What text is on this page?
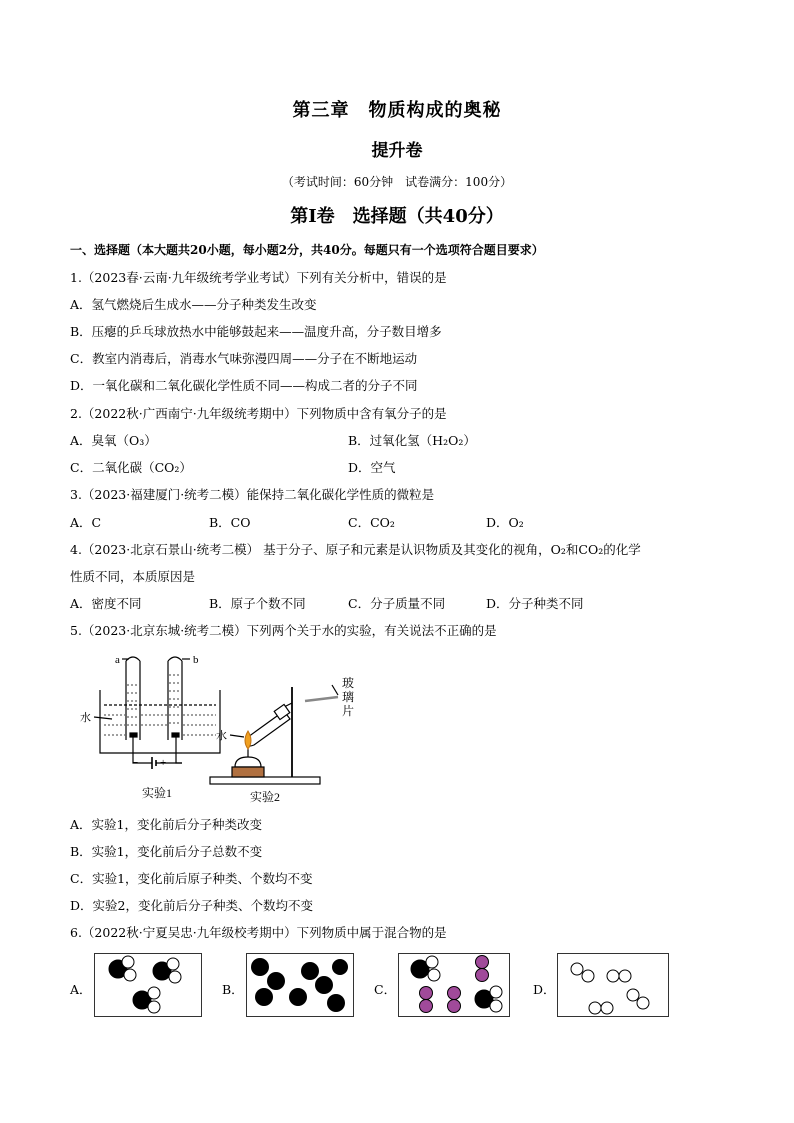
第三章　物质构成的奥秘
提升卷
（考试时间：60分钟　试卷满分：100分）
第Ⅰ卷　选择题（共40分）
一、选择题（本大题共20小题，每小题2分，共40分。每题只有一个选项符合题目要求）
1.（2023春·云南·九年级统考学业考试）下列有关分析中，错误的是
A．氢气燃烧后生成水——分子种类发生改变
B．压瘪的乒乓球放热水中能够鼓起来——温度升高，分子数目增多
C．教室内消毒后，消毒水气味弥漫四周——分子在不断地运动
D．一氧化碳和二氧化碳化学性质不同——构成二者的分子不同
2.（2022秋·广西南宁·九年级统考期中）下列物质中含有氧分子的是
A．臭氧（O₃）	B．过氧化氢（H₂O₂）
C．二氧化碳（CO₂）	D．空气
3.（2023·福建厦门·统考二模）能保持二氧化碳化学性质的微粒是
A．C	B．CO	C．CO₂	D．O₂
4.（2023·北京石景山·统考二模） 基于分子、原子和元素是认识物质及其变化的视角，O₂和CO₂的化学
性质不同，本质原因是
A．密度不同	B．原子个数不同	C．分子质量不同	D．分子种类不同
5.（2023·北京东城·统考二模）下列两个关于水的实验，有关说法不正确的是
a	b
水
− +
实验1
水
玻
璃
片
实验2
A．实验1，变化前后分子种类改变
B．实验1，变化前后分子总数不变
C．实验1，变化前后原子种类、个数均不变
D．实验2，变化前后分子种类、个数均不变
6.（2022秋·宁夏吴忠·九年级校考期中）下列物质中属于混合物的是
A．	B．	C．	D．
